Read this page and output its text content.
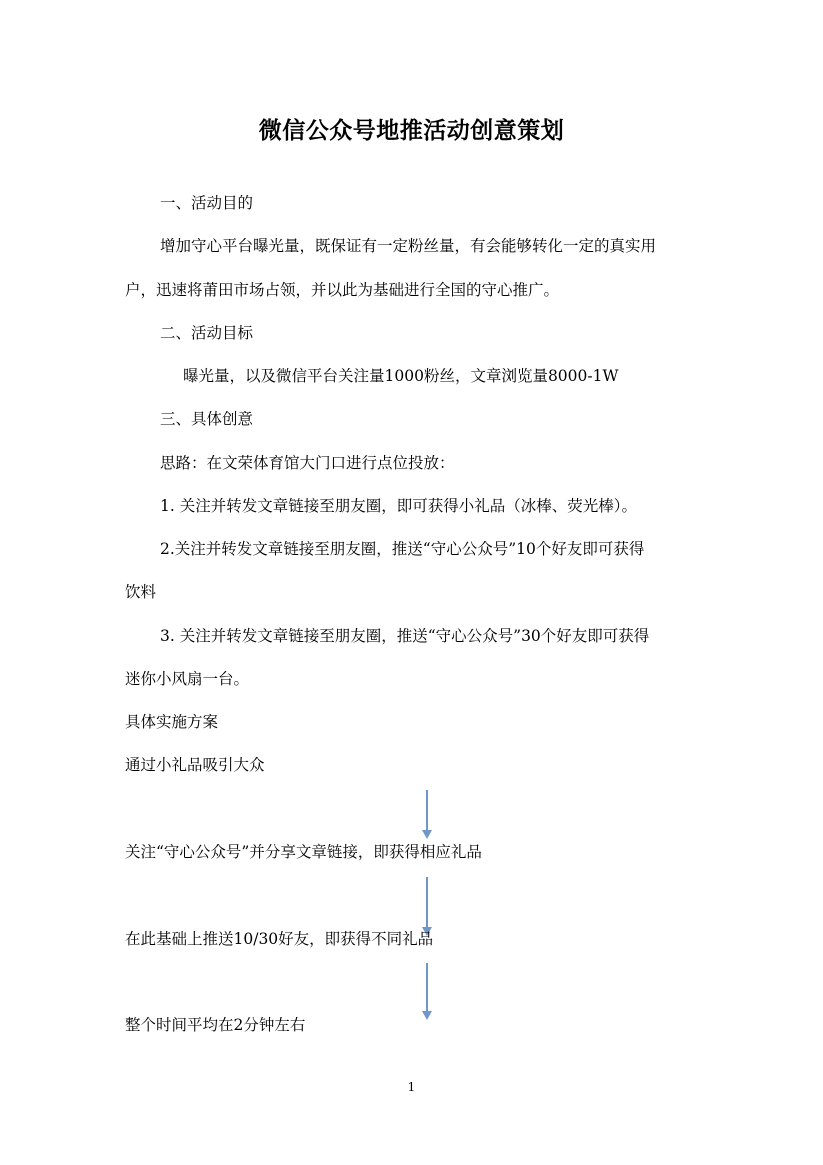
微信公众号地推活动创意策划
一、活动目的
增加守心平台曝光量，既保证有一定粉丝量，有会能够转化一定的真实用
户，迅速将莆田市场占领，并以此为基础进行全国的守心推广。
二、活动目标
曝光量，以及微信平台关注量1000粉丝，文章浏览量8000-1W
三、具体创意
思路：在文荣体育馆大门口进行点位投放：
1. 关注并转发文章链接至朋友圈，即可获得小礼品（冰棒、荧光棒）。
2.关注并转发文章链接至朋友圈，推送“守心公众号”10个好友即可获得
饮料
3. 关注并转发文章链接至朋友圈，推送“守心公众号”30个好友即可获得
迷你小风扇一台。
具体实施方案
通过小礼品吸引大众
关注“守心公众号”并分享文章链接，即获得相应礼品
在此基础上推送10/30好友，即获得不同礼品
整个时间平均在2分钟左右
1
